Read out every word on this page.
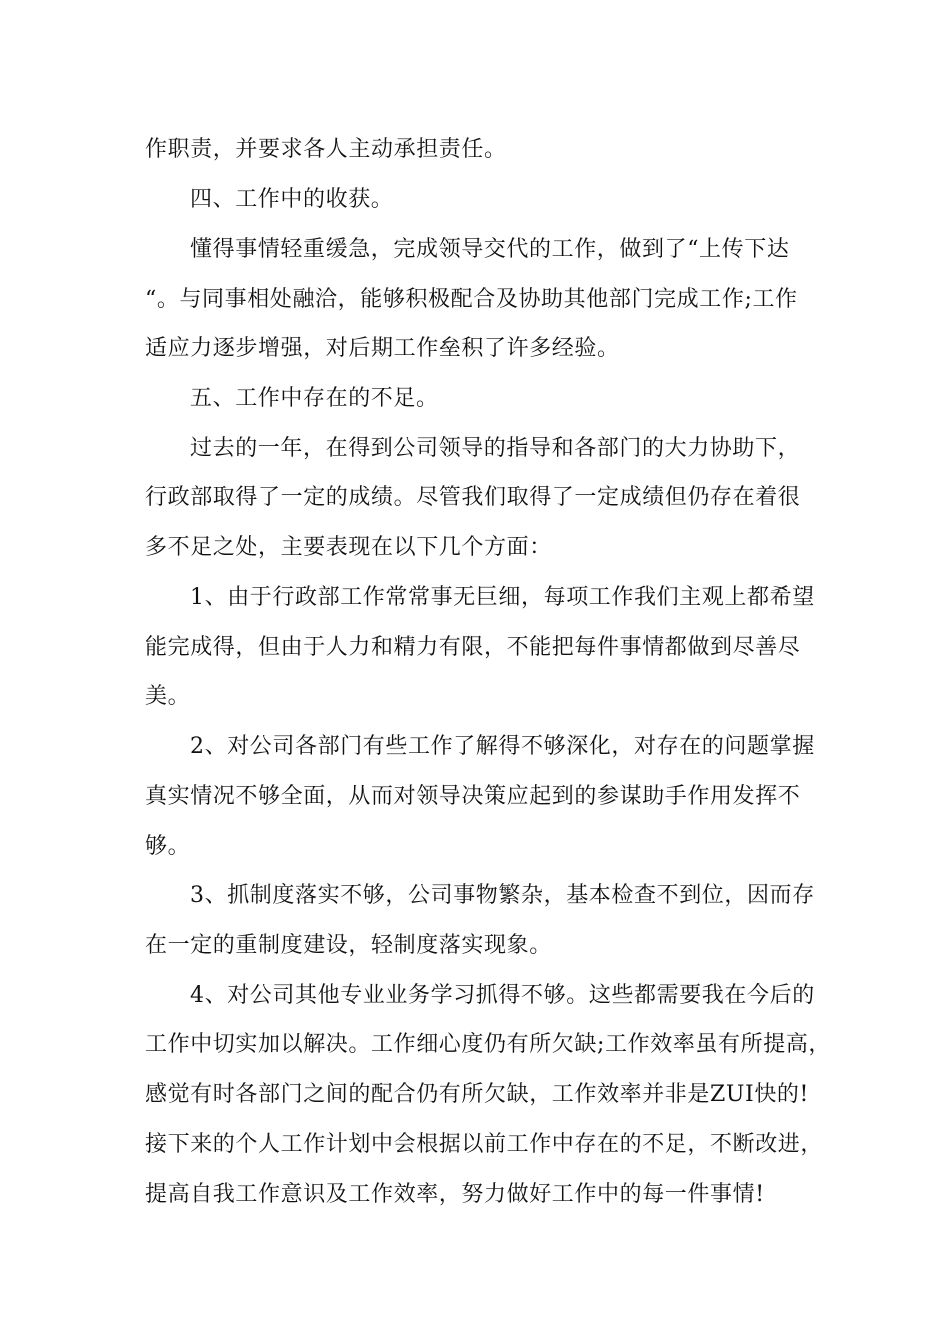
作职责，并要求各人主动承担责任。
四、工作中的收获。
懂得事情轻重缓急，完成领导交代的工作，做到了“上传下达
“。与同事相处融洽，能够积极配合及协助其他部门完成工作;工作
适应力逐步增强，对后期工作垒积了许多经验。
五、工作中存在的不足。
过去的一年，在得到公司领导的指导和各部门的大力协助下，
行政部取得了一定的成绩。尽管我们取得了一定成绩但仍存在着很
多不足之处，主要表现在以下几个方面：
1、由于行政部工作常常事无巨细，每项工作我们主观上都希望
能完成得，但由于人力和精力有限，不能把每件事情都做到尽善尽
美。
2、对公司各部门有些工作了解得不够深化，对存在的问题掌握
真实情况不够全面，从而对领导决策应起到的参谋助手作用发挥不
够。
3、抓制度落实不够，公司事物繁杂，基本检查不到位，因而存
在一定的重制度建设，轻制度落实现象。
4、对公司其他专业业务学习抓得不够。这些都需要我在今后的
工作中切实加以解决。工作细心度仍有所欠缺;工作效率虽有所提高，
感觉有时各部门之间的配合仍有所欠缺，工作效率并非是ZUI快的!
接下来的个人工作计划中会根据以前工作中存在的不足，不断改进，
提高自我工作意识及工作效率，努力做好工作中的每一件事情!
